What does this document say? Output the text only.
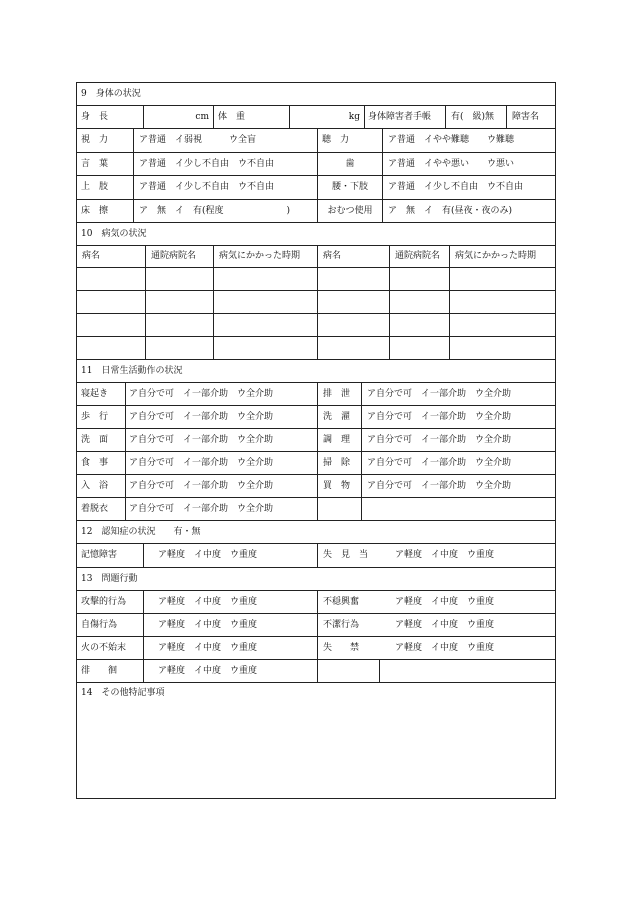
9　身体の状況
身　長	cm	体　重	kg 身体障害者手帳	有(　級)無	障害名
視　力	ア普通　イ弱視　　　ウ全盲	聴　力	ア普通　イやや難聴　　ウ難聴
言　葉	ア普通　イ少し不自由　ウ不自由	歯	ア普通　イやや悪い　　ウ悪い
上　肢	ア普通　イ少し不自由　ウ不自由	腰・下肢	ア普通　イ少し不自由　ウ不自由
床　擦	ア　無　イ　有(程度　　　　　　　)	おむつ使用	ア　無　イ　有(昼夜・夜のみ)
10　病気の状況
11　日常生活動作の状況
12　認知症の状況　　有・無
記憶障害	ア軽度　イ中度　ウ重度	失　見　当	ア軽度　イ中度　ウ重度
13　問題行動
14　その他特記事項
病名	通院病院名	病気にかかった時期	病名	通院病院名	病気にかかった時期
寝起き	ア自分で可　イ一部介助　ウ全介助	排　泄	ア自分で可　イ一部介助　ウ全介助
歩　行	ア自分で可　イ一部介助　ウ全介助	洗　濯	ア自分で可　イ一部介助　ウ全介助
洗　面	ア自分で可　イ一部介助　ウ全介助	調　理	ア自分で可　イ一部介助　ウ全介助
食　事	ア自分で可　イ一部介助　ウ全介助	掃　除	ア自分で可　イ一部介助　ウ全介助
入　浴	ア自分で可　イ一部介助　ウ全介助	買　物	ア自分で可　イ一部介助　ウ全介助
着脱衣	ア自分で可　イ一部介助　ウ全介助
攻撃的行為	ア軽度　イ中度　ウ重度	不穏興奮	ア軽度　イ中度　ウ重度
自傷行為	ア軽度　イ中度　ウ重度	不潔行為	ア軽度　イ中度　ウ重度
火の不始末	ア軽度　イ中度　ウ重度	失　　禁	ア軽度　イ中度　ウ重度
徘　　徊	ア軽度　イ中度　ウ重度
